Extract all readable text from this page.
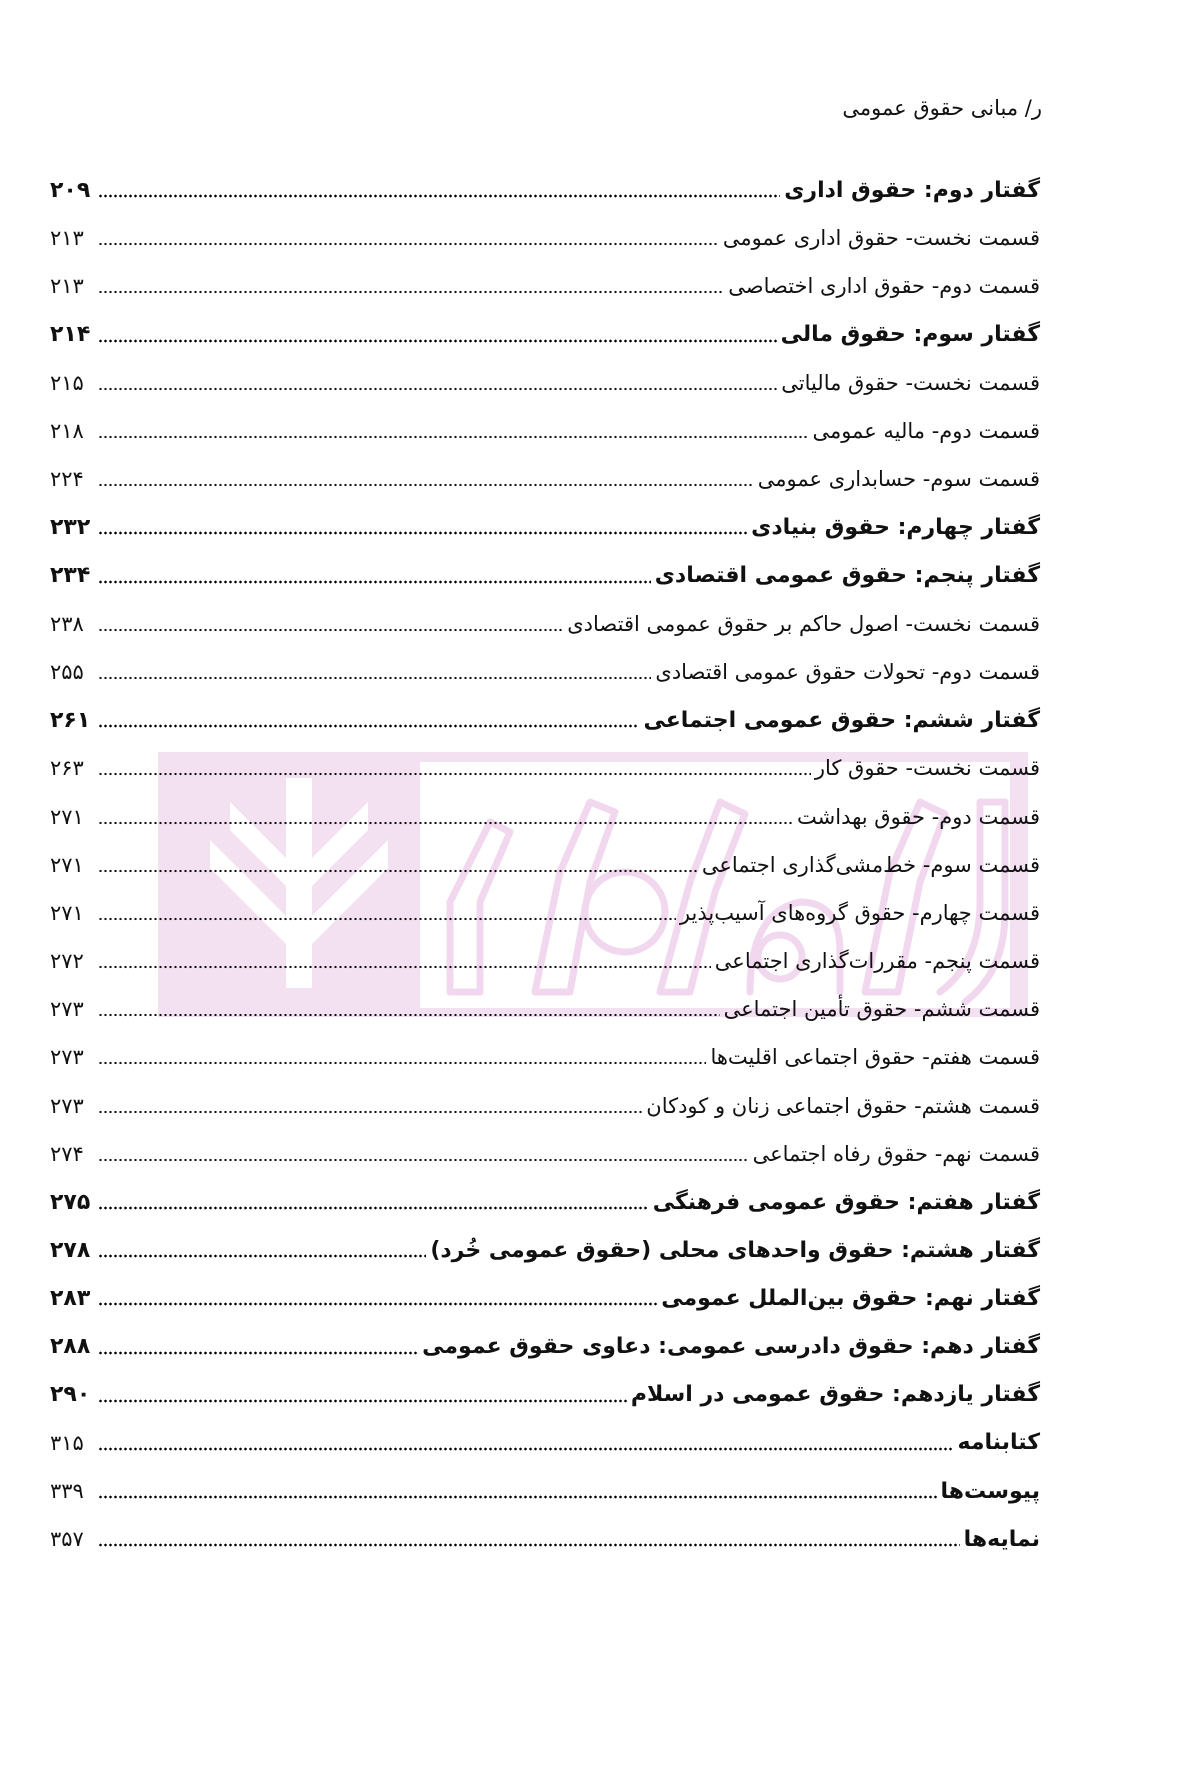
ر/ مبانی حقوق عمومی
گفتار دوم: حقوق اداری
۲۰۹
قسمت نخست- حقوق اداری عمومی
۲۱۳
قسمت دوم- حقوق اداری اختصاصی
۲۱۳
گفتار سوم: حقوق مالی
۲۱۴
قسمت نخست- حقوق مالیاتی
۲۱۵
قسمت دوم- مالیه عمومی
۲۱۸
قسمت سوم- حسابداری عمومی
۲۲۴
گفتار چهارم: حقوق بنیادی
۲۳۲
گفتار پنجم: حقوق عمومی اقتصادی
۲۳۴
قسمت نخست- اصول حاکم بر حقوق عمومی اقتصادی
۲۳۸
قسمت دوم- تحولات حقوق عمومی اقتصادی
۲۵۵
گفتار ششم: حقوق عمومی اجتماعی
۲۶۱
قسمت نخست- حقوق کار
۲۶۳
قسمت دوم- حقوق بهداشت
۲۷۱
قسمت سوم- خط‌مشی‌گذاری اجتماعی
۲۷۱
قسمت چهارم- حقوق گروه‌های آسیب‌پذیر
۲۷۱
قسمت پنجم- مقررات‌گذاری اجتماعی
۲۷۲
قسمت ششم- حقوق تأمین اجتماعی
۲۷۳
قسمت هفتم- حقوق اجتماعی اقلیت‌ها
۲۷۳
قسمت هشتم- حقوق اجتماعی زنان و کودکان
۲۷۳
قسمت نهم- حقوق رفاه اجتماعی
۲۷۴
گفتار هفتم: حقوق عمومی فرهنگی
۲۷۵
گفتار هشتم: حقوق واحدهای محلی (حقوق عمومی خُرد)
۲۷۸
گفتار نهم: حقوق بین‌الملل عمومی
۲۸۳
گفتار دهم: حقوق دادرسی عمومی: دعاوی حقوق عمومی
۲۸۸
گفتار یازدهم: حقوق عمومی در اسلام
۲۹۰
کتابنامه
۳۱۵
پیوست‌ها
۳۳۹
نمایه‌ها
۳۵۷
